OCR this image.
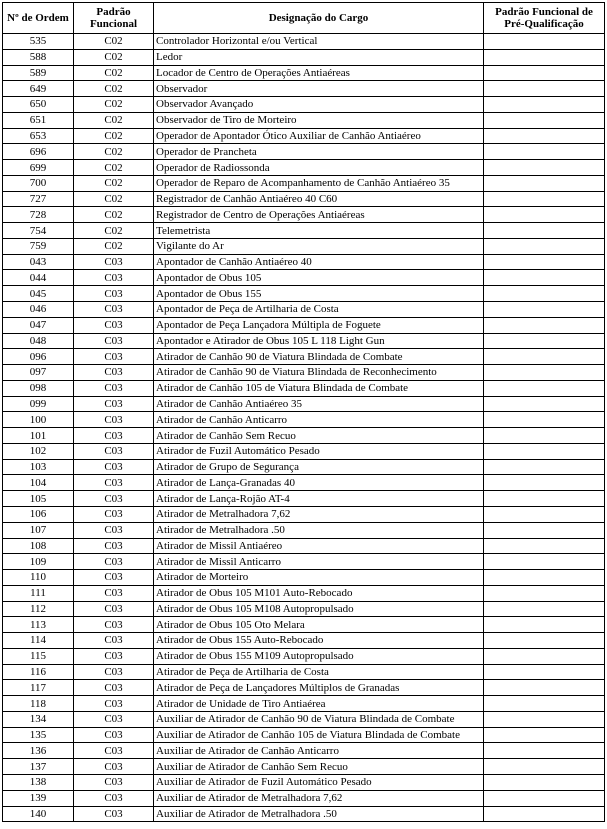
Nº de Ordem	Padrão Funcional	Designação do Cargo	Padrão Funcional de Pré-Qualificação
535	C02	Controlador Horizontal e/ou Vertical	
588	C02	Ledor	
589	C02	Locador de Centro de Operações Antiaéreas	
649	C02	Observador	
650	C02	Observador Avançado	
651	C02	Observador de Tiro de Morteiro	
653	C02	Operador de Apontador Ótico Auxiliar de Canhão Antiaéreo	
696	C02	Operador de Prancheta	
699	C02	Operador de Radiossonda	
700	C02	Operador de Reparo de Acompanhamento de Canhão Antiaéreo 35	
727	C02	Registrador de Canhão Antiaéreo 40 C60	
728	C02	Registrador de Centro de Operações Antiaéreas	
754	C02	Telemetrista	
759	C02	Vigilante do Ar	
043	C03	Apontador de Canhão Antiaéreo 40	
044	C03	Apontador de Obus 105	
045	C03	Apontador de Obus 155	
046	C03	Apontador de Peça de Artilharia de Costa	
047	C03	Apontador de Peça Lançadora Múltipla de Foguete	
048	C03	Apontador e Atirador de Obus 105 L 118 Light Gun	
096	C03	Atirador de Canhão 90 de Viatura Blindada de Combate	
097	C03	Atirador de Canhão 90 de Viatura Blindada de Reconhecimento	
098	C03	Atirador de Canhão 105 de Viatura Blindada de Combate	
099	C03	Atirador de Canhão Antiaéreo 35	
100	C03	Atirador de Canhão Anticarro	
101	C03	Atirador de Canhão Sem Recuo	
102	C03	Atirador de Fuzil Automático Pesado	
103	C03	Atirador de Grupo de Segurança	
104	C03	Atirador de Lança-Granadas 40	
105	C03	Atirador de Lança-Rojão AT-4	
106	C03	Atirador de Metralhadora 7,62	
107	C03	Atirador de Metralhadora .50	
108	C03	Atirador de Missil Antiaéreo	
109	C03	Atirador de Missil Anticarro	
110	C03	Atirador de Morteiro	
111	C03	Atirador de Obus 105 M101 Auto-Rebocado	
112	C03	Atirador de Obus 105 M108 Autopropulsado	
113	C03	Atirador de Obus 105 Oto Melara	
114	C03	Atirador de Obus 155 Auto-Rebocado	
115	C03	Atirador de Obus 155 M109 Autopropulsado	
116	C03	Atirador de Peça de Artilharia de Costa	
117	C03	Atirador de Peça de Lançadores Múltiplos de Granadas	
118	C03	Atirador de Unidade de Tiro Antiaérea	
134	C03	Auxiliar de Atirador de Canhão 90 de Viatura Blindada de Combate	
135	C03	Auxiliar de Atirador de Canhão 105 de Viatura Blindada de Combate	
136	C03	Auxiliar de Atirador de Canhão Anticarro	
137	C03	Auxiliar de Atirador de Canhão Sem Recuo	
138	C03	Auxiliar de Atirador de Fuzil Automático Pesado	
139	C03	Auxiliar de Atirador de Metralhadora 7,62	
140	C03	Auxiliar de Atirador de Metralhadora .50	
